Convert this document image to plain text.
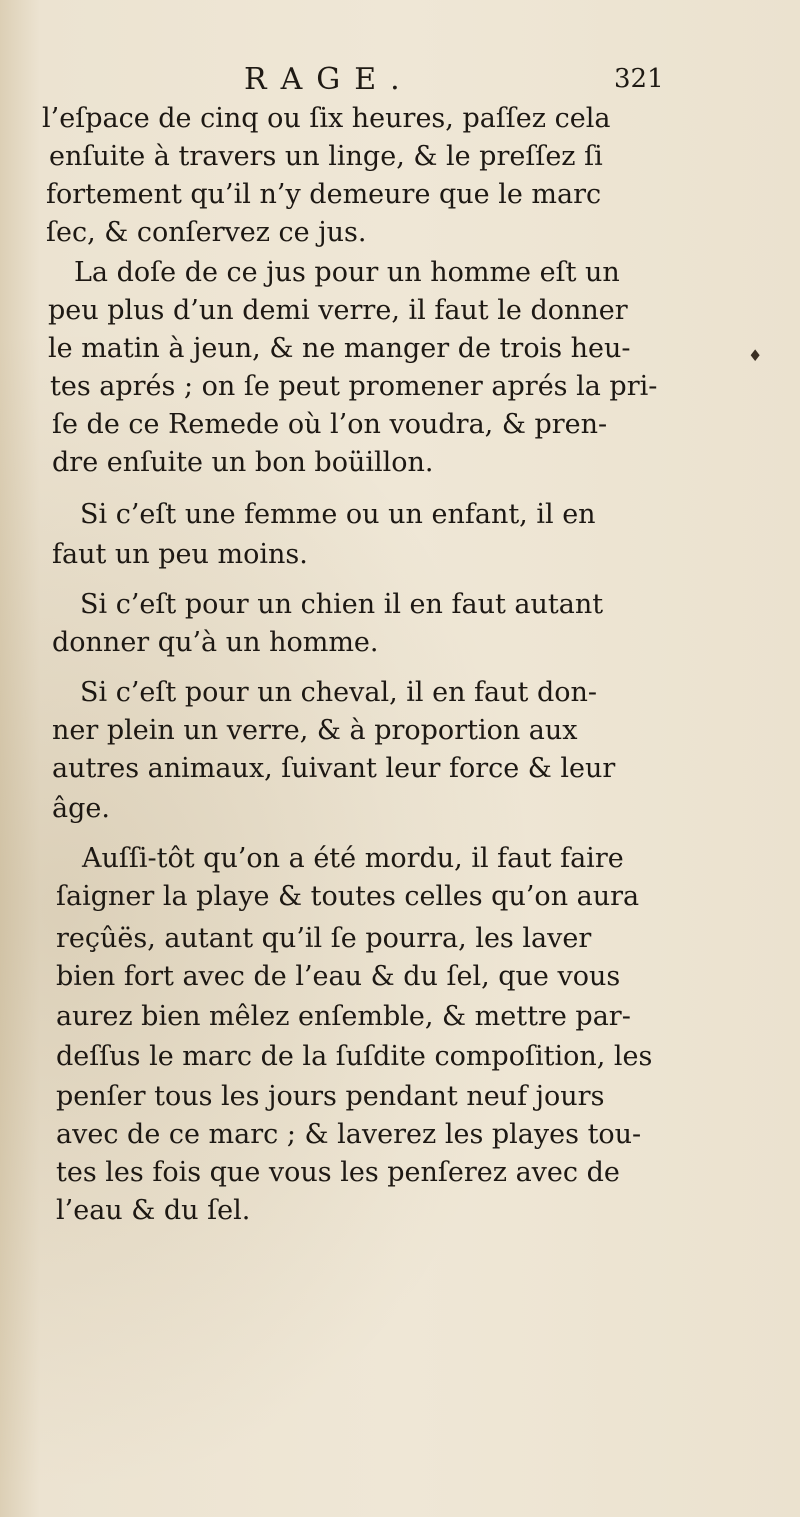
RAGE.	321
l’eſpace de cinq ou ſix heures, paſſez cela
enſuite à travers un linge, & le preſſez ſi
fortement qu’il n’y demeure que le marc
ſec, & conſervez ce jus.
La doſe de ce jus pour un homme eſt un
peu plus d’un demi verre, il faut le donner
le matin à jeun, & ne manger de trois heu-
tes aprés ; on ſe peut promener aprés la pri-
ſe de ce Remede où l’on voudra, & pren-
dre enſuite un bon boüillon.
Si c’eſt une femme ou un enfant, il en
faut un peu moins.
Si c’eſt pour un chien il en faut autant
donner qu’à un homme.
Si c’eſt pour un cheval, il en faut don-
ner plein un verre, & à proportion aux
autres animaux, ſuivant leur force & leur
âge.
Auſſi-tôt qu’on a été mordu, il faut faire
ſaigner la playe & toutes celles qu’on aura
reçûës, autant qu’il ſe pourra, les laver
bien fort avec de l’eau & du ſel, que vous
aurez bien mêlez enſemble, & mettre par-
deſſus le marc de la ſuſdite compoſition, les
penſer tous les jours pendant neuf jours
avec de ce marc ; & laverez les playes tou-
tes les fois que vous les penſerez avec de
l’eau & du ſel.
♦
